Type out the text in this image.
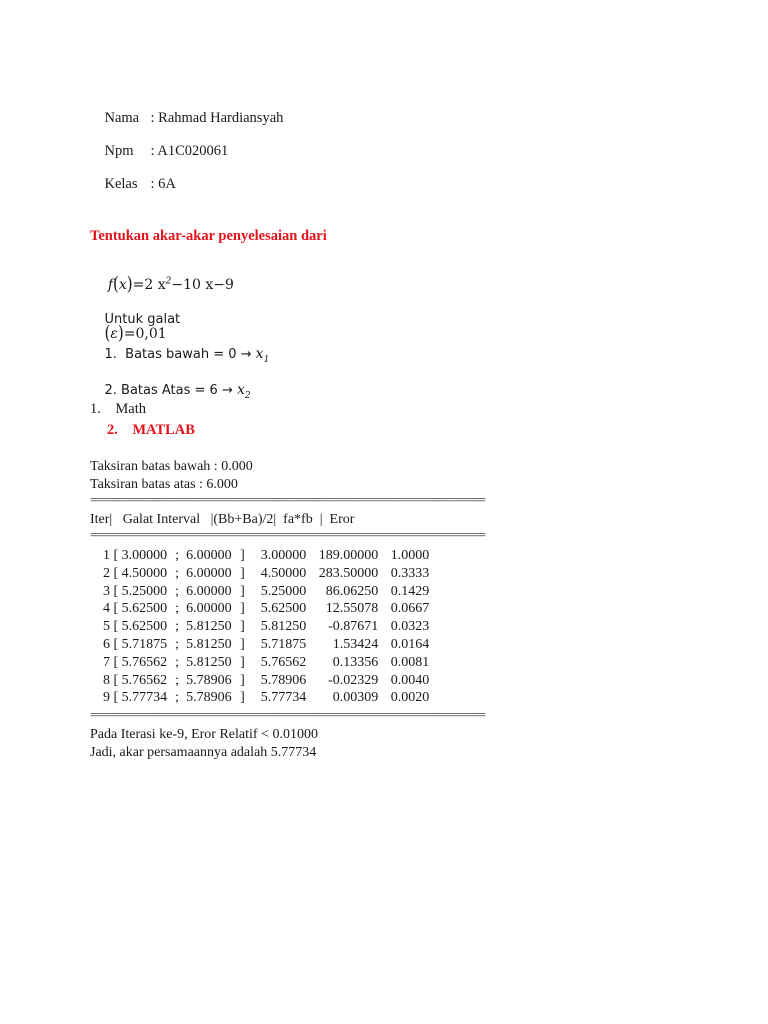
Nama : Rahmad Hardiansyah

Npm : A1C020061

Kelas : 6A

Tentukan akar-akar penyelesaian dari

f(x)=2 $x^2-10$ x−9

Untuk galat
(ε)=0,01

1.  Batas bawah = $0 \to x_1$

2. Batas Atas = $6 \to x_2$

1.    Math
2.    MATLAB
Taksiran batas bawah : 0.000
Taksiran batas atas : 6.000
==================================================================
Iter|   Galat Interval   |(Bb+Ba)/2|  fa*fb  |  Eror
==================================================================
1 [ 3.00000 ;  6.00000 ] 3.00000 189.00000 1.0000
2 [ 4.50000 ;  6.00000 ] 4.50000 283.50000 0.3333
3 [ 5.25000 ;  6.00000 ] 5.25000 86.06250 0.1429
4 [ 5.62500 ;  6.00000 ] 5.62500 12.55078 0.0667
5 [ 5.62500 ;  5.81250 ] 5.81250 -0.87671 0.0323
6 [ 5.71875 ;  5.81250 ] 5.71875 1.53424 0.0164
7 [ 5.76562 ;  5.81250 ] 5.76562 0.13356 0.0081
8 [ 5.76562 ;  5.78906 ] 5.78906 -0.02329 0.0040
9 [ 5.77734 ;  5.78906 ] 5.77734 0.00309 0.0020
==================================================================
Pada Iterasi ke-9, Eror Relatif < 0.01000
Jadi, akar persamaannya adalah 5.77734
